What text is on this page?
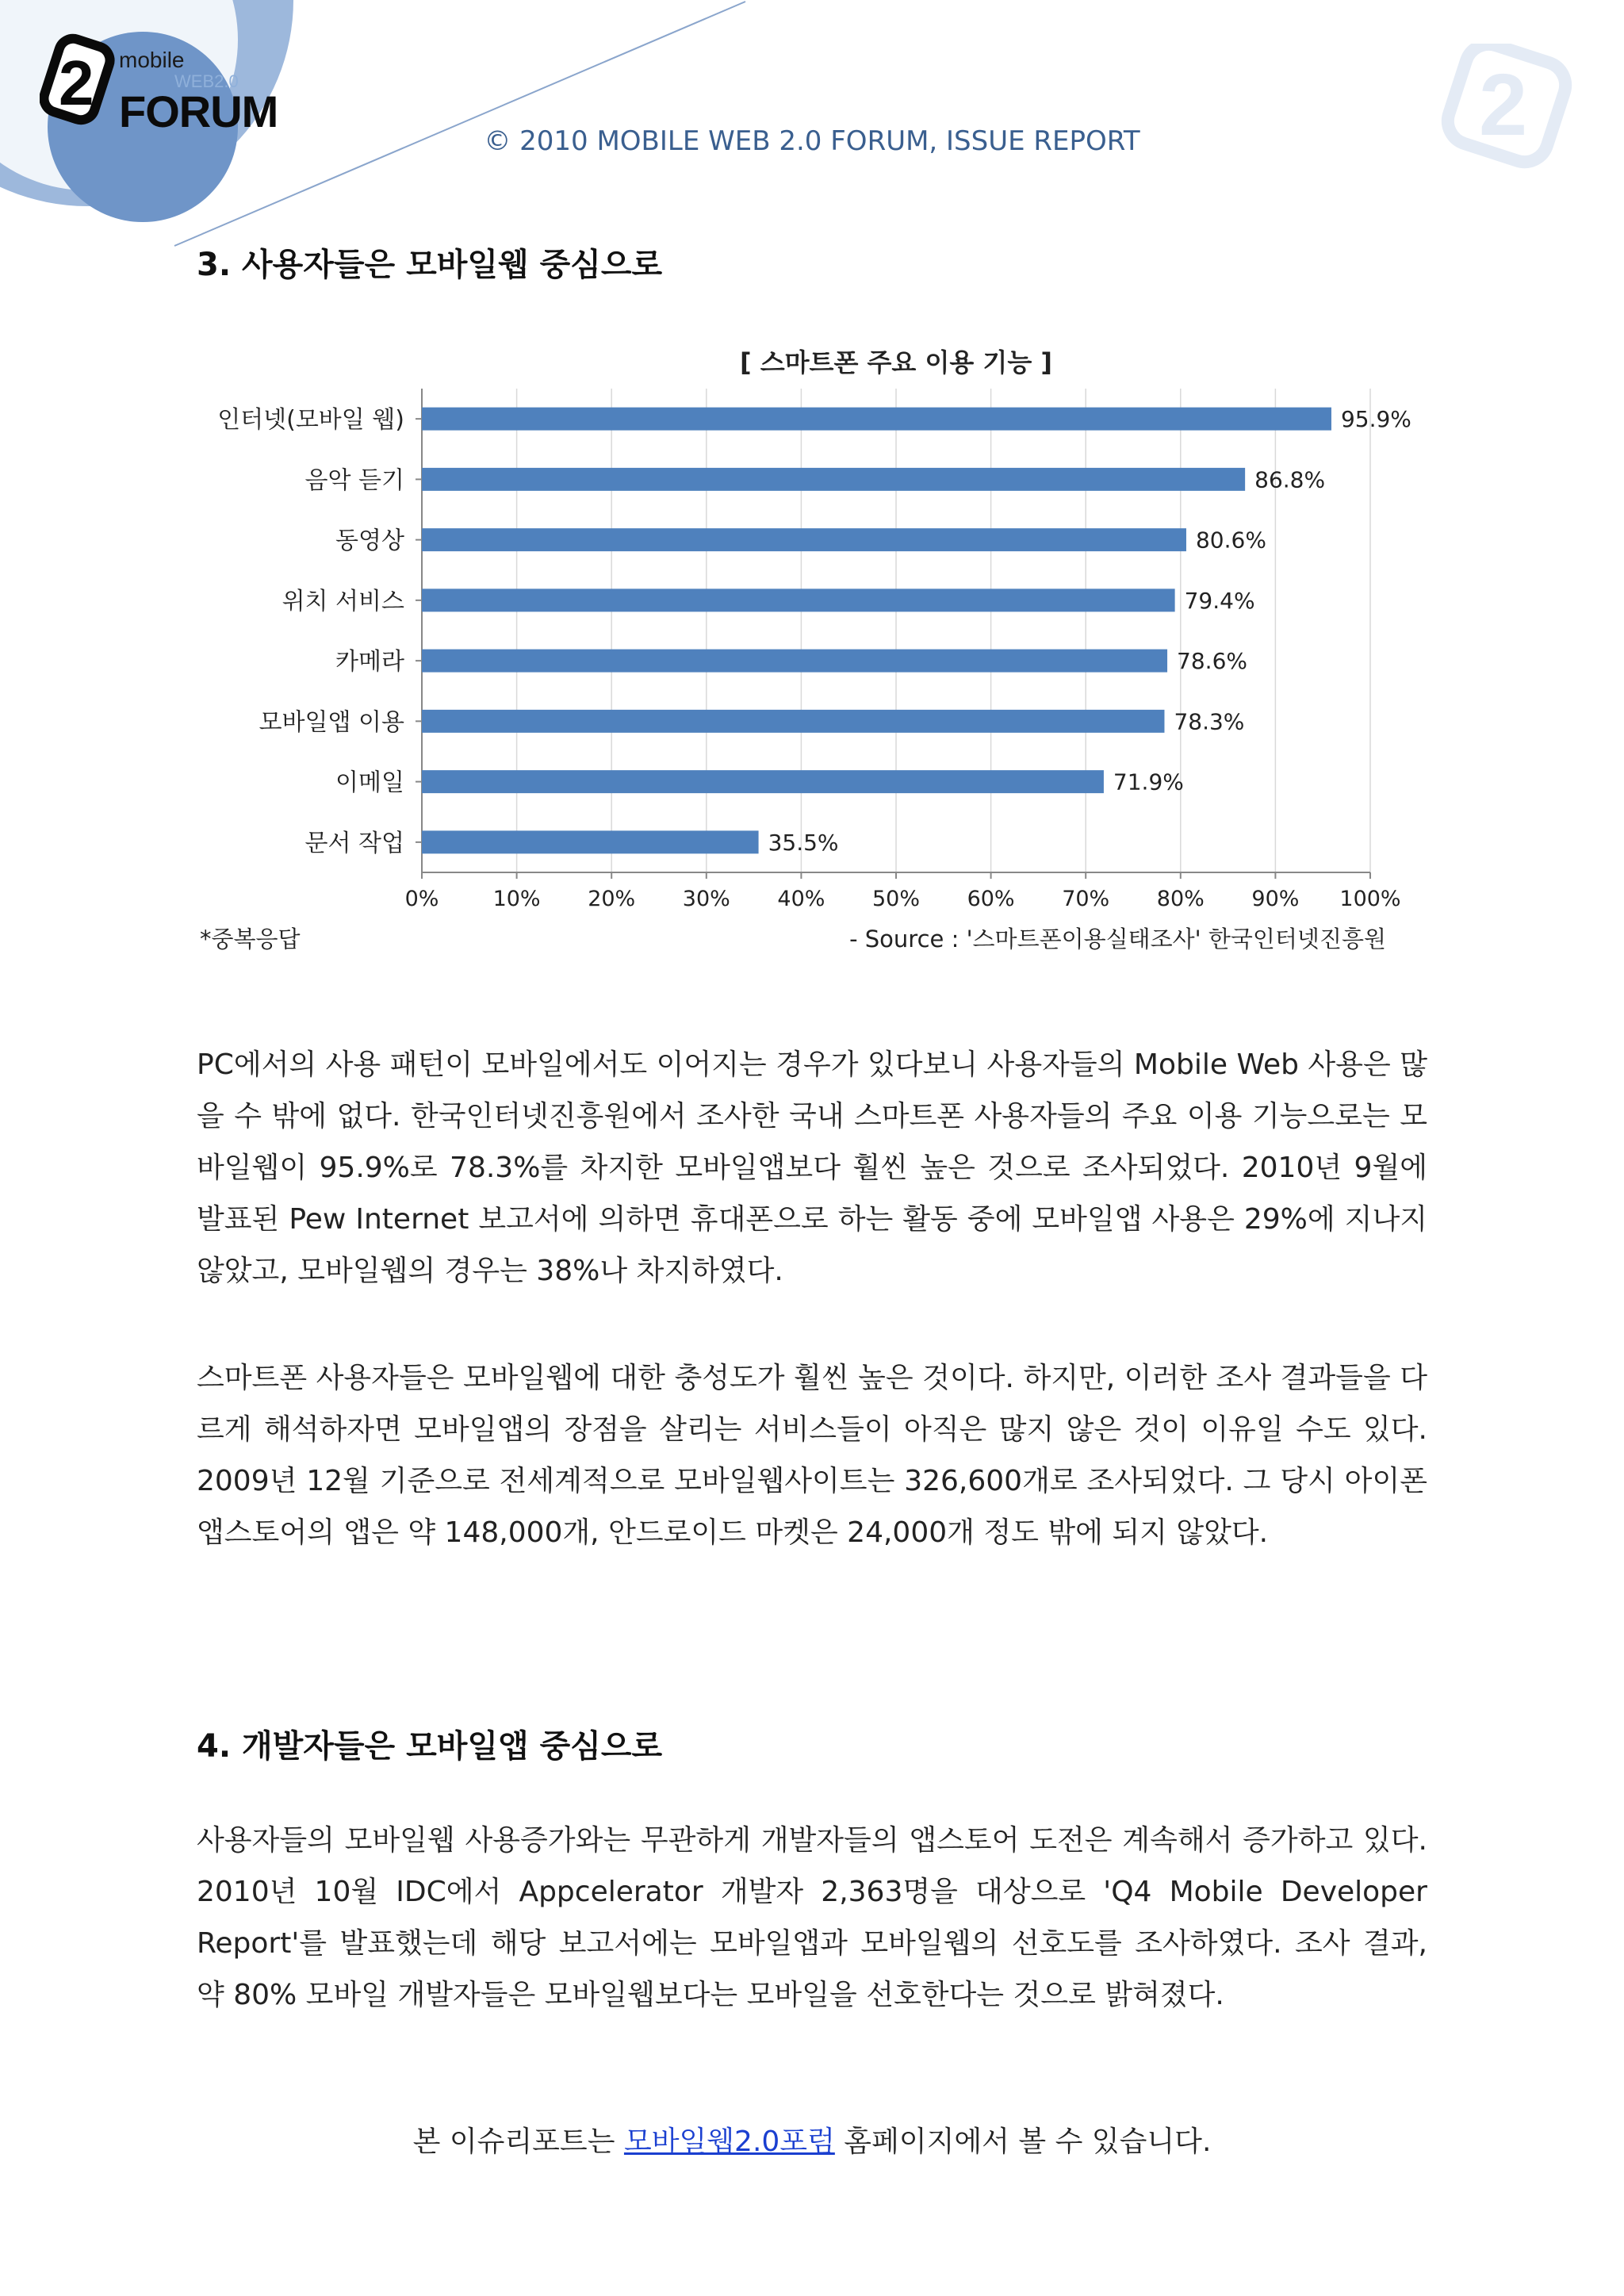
2
2 mobile
WEB2.0
FORUM
© 2010 MOBILE WEB 2.0 FORUM, ISSUE REPORT
3. 사용자들은 모바일웹 중심으로
[ 스마트폰 주요 이용 기능 ]
0%	10% 20% 30% 40% 50% 60% 70% 80% 90% 100%
인터넷(모바일 웹)	95.9%
음악 듣기	86.8%
동영상	80.6%
위치 서비스	79.4%
카메라	78.6%
모바일앱 이용	78.3%
이메일	71.9%
문서 작업	35.5%
*중복응답	- Source : '스마트폰이용실태조사' 한국인터넷진흥원
PC에서의 사용 패턴이 모바일에서도 이어지는 경우가 있다보니 사용자들의 Mobile Web 사용은 많을 수 밖에 없다. 한국인터넷진흥원에서 조사한 국내 스마트폰 사용자들의 주요 이용 기능으로는 모바일웹이 95.9%로 78.3%를 차지한 모바일앱보다 훨씬 높은 것으로 조사되었다. 2010년 9월에 발표된 Pew Internet 보고서에 의하면 휴대폰으로 하는 활동 중에 모바일앱 사용은 29%에 지나지 않았고, 모바일웹의 경우는 38%나 차지하였다.
스마트폰 사용자들은 모바일웹에 대한 충성도가 훨씬 높은 것이다. 하지만, 이러한 조사 결과들을 다르게 해석하자면 모바일앱의 장점을 살리는 서비스들이 아직은 많지 않은 것이 이유일 수도 있다. 2009년 12월 기준으로 전세계적으로 모바일웹사이트는 326,600개로 조사되었다. 그 당시 아이폰 앱스토어의 앱은 약 148,000개, 안드로이드 마켓은 24,000개 정도 밖에 되지 않았다.
4. 개발자들은 모바일앱 중심으로
사용자들의 모바일웹 사용증가와는 무관하게 개발자들의 앱스토어 도전은 계속해서 증가하고 있다. 2010년 10월 IDC에서 Appcelerator 개발자 2,363명을 대상으로 'Q4 Mobile Developer Report'를 발표했는데 해당 보고서에는 모바일앱과 모바일웹의 선호도를 조사하였다. 조사 결과, 약 80% 모바일 개발자들은 모바일웹보다는 모바일을 선호한다는 것으로 밝혀졌다.
본 이슈리포트는 모바일웹2.0포럼 홈페이지에서 볼 수 있습니다.
